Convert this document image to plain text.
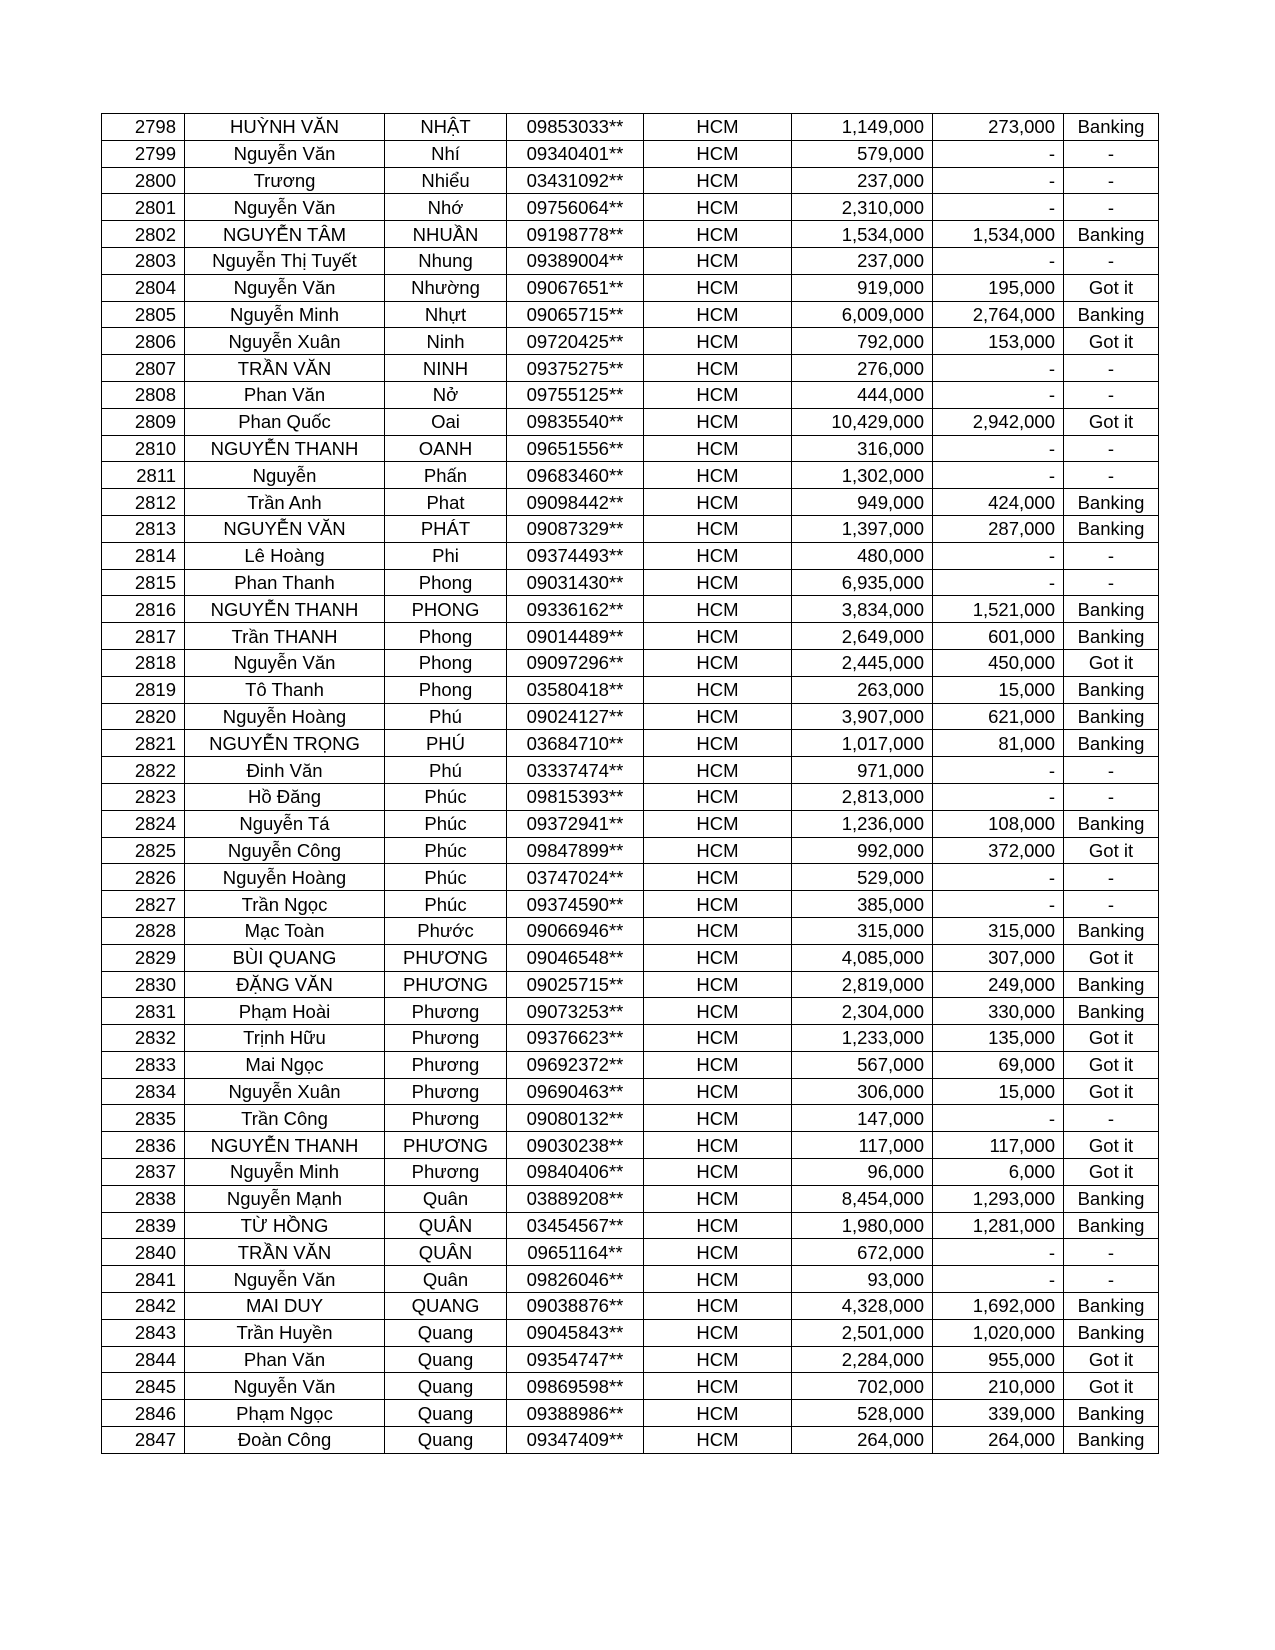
2798	HUỲNH VĂN	NHẬT	09853033**	HCM	1,149,000	273,000	Banking
2799	Nguyễn Văn	Nhí	09340401**	HCM	579,000	-	-
2800	Trương	Nhiểu	03431092**	HCM	237,000	-	-
2801	Nguyễn Văn	Nhớ	09756064**	HCM	2,310,000	-	-
2802	NGUYỄN TÂM	NHUẦN	09198778**	HCM	1,534,000	1,534,000	Banking
2803	Nguyễn Thị Tuyết	Nhung	09389004**	HCM	237,000	-	-
2804	Nguyễn Văn	Nhường	09067651**	HCM	919,000	195,000	Got it
2805	Nguyễn Minh	Nhựt	09065715**	HCM	6,009,000	2,764,000	Banking
2806	Nguyễn Xuân	Ninh	09720425**	HCM	792,000	153,000	Got it
2807	TRẦN VĂN	NINH	09375275**	HCM	276,000	-	-
2808	Phan Văn	Nở	09755125**	HCM	444,000	-	-
2809	Phan Quốc	Oai	09835540**	HCM	10,429,000	2,942,000	Got it
2810	NGUYỄN THANH	OANH	09651556**	HCM	316,000	-	-
2811	Nguyễn	Phấn	09683460**	HCM	1,302,000	-	-
2812	Trần Anh	Phat	09098442**	HCM	949,000	424,000	Banking
2813	NGUYỄN VĂN	PHÁT	09087329**	HCM	1,397,000	287,000	Banking
2814	Lê Hoàng	Phi	09374493**	HCM	480,000	-	-
2815	Phan Thanh	Phong	09031430**	HCM	6,935,000	-	-
2816	NGUYỄN THANH	PHONG	09336162**	HCM	3,834,000	1,521,000	Banking
2817	Trần THANH	Phong	09014489**	HCM	2,649,000	601,000	Banking
2818	Nguyễn Văn	Phong	09097296**	HCM	2,445,000	450,000	Got it
2819	Tô Thanh	Phong	03580418**	HCM	263,000	15,000	Banking
2820	Nguyễn Hoàng	Phú	09024127**	HCM	3,907,000	621,000	Banking
2821	NGUYỄN TRỌNG	PHÚ	03684710**	HCM	1,017,000	81,000	Banking
2822	Đinh Văn	Phú	03337474**	HCM	971,000	-	-
2823	Hồ Đăng	Phúc	09815393**	HCM	2,813,000	-	-
2824	Nguyễn Tá	Phúc	09372941**	HCM	1,236,000	108,000	Banking
2825	Nguyễn Công	Phúc	09847899**	HCM	992,000	372,000	Got it
2826	Nguyễn Hoàng	Phúc	03747024**	HCM	529,000	-	-
2827	Trần Ngọc	Phúc	09374590**	HCM	385,000	-	-
2828	Mạc Toàn	Phước	09066946**	HCM	315,000	315,000	Banking
2829	BÙI QUANG	PHƯƠNG	09046548**	HCM	4,085,000	307,000	Got it
2830	ĐẶNG VĂN	PHƯƠNG	09025715**	HCM	2,819,000	249,000	Banking
2831	Phạm Hoài	Phương	09073253**	HCM	2,304,000	330,000	Banking
2832	Trịnh Hữu	Phương	09376623**	HCM	1,233,000	135,000	Got it
2833	Mai Ngọc	Phương	09692372**	HCM	567,000	69,000	Got it
2834	Nguyễn Xuân	Phương	09690463**	HCM	306,000	15,000	Got it
2835	Trần Công	Phương	09080132**	HCM	147,000	-	-
2836	NGUYỄN THANH	PHƯƠNG	09030238**	HCM	117,000	117,000	Got it
2837	Nguyễn Minh	Phương	09840406**	HCM	96,000	6,000	Got it
2838	Nguyễn Mạnh	Quân	03889208**	HCM	8,454,000	1,293,000	Banking
2839	TỪ HỒNG	QUÂN	03454567**	HCM	1,980,000	1,281,000	Banking
2840	TRẦN VĂN	QUÂN	09651164**	HCM	672,000	-	-
2841	Nguyễn Văn	Quân	09826046**	HCM	93,000	-	-
2842	MAI DUY	QUANG	09038876**	HCM	4,328,000	1,692,000	Banking
2843	Trần Huyền	Quang	09045843**	HCM	2,501,000	1,020,000	Banking
2844	Phan Văn	Quang	09354747**	HCM	2,284,000	955,000	Got it
2845	Nguyễn Văn	Quang	09869598**	HCM	702,000	210,000	Got it
2846	Phạm Ngọc	Quang	09388986**	HCM	528,000	339,000	Banking
2847	Đoàn Công	Quang	09347409**	HCM	264,000	264,000	Banking
